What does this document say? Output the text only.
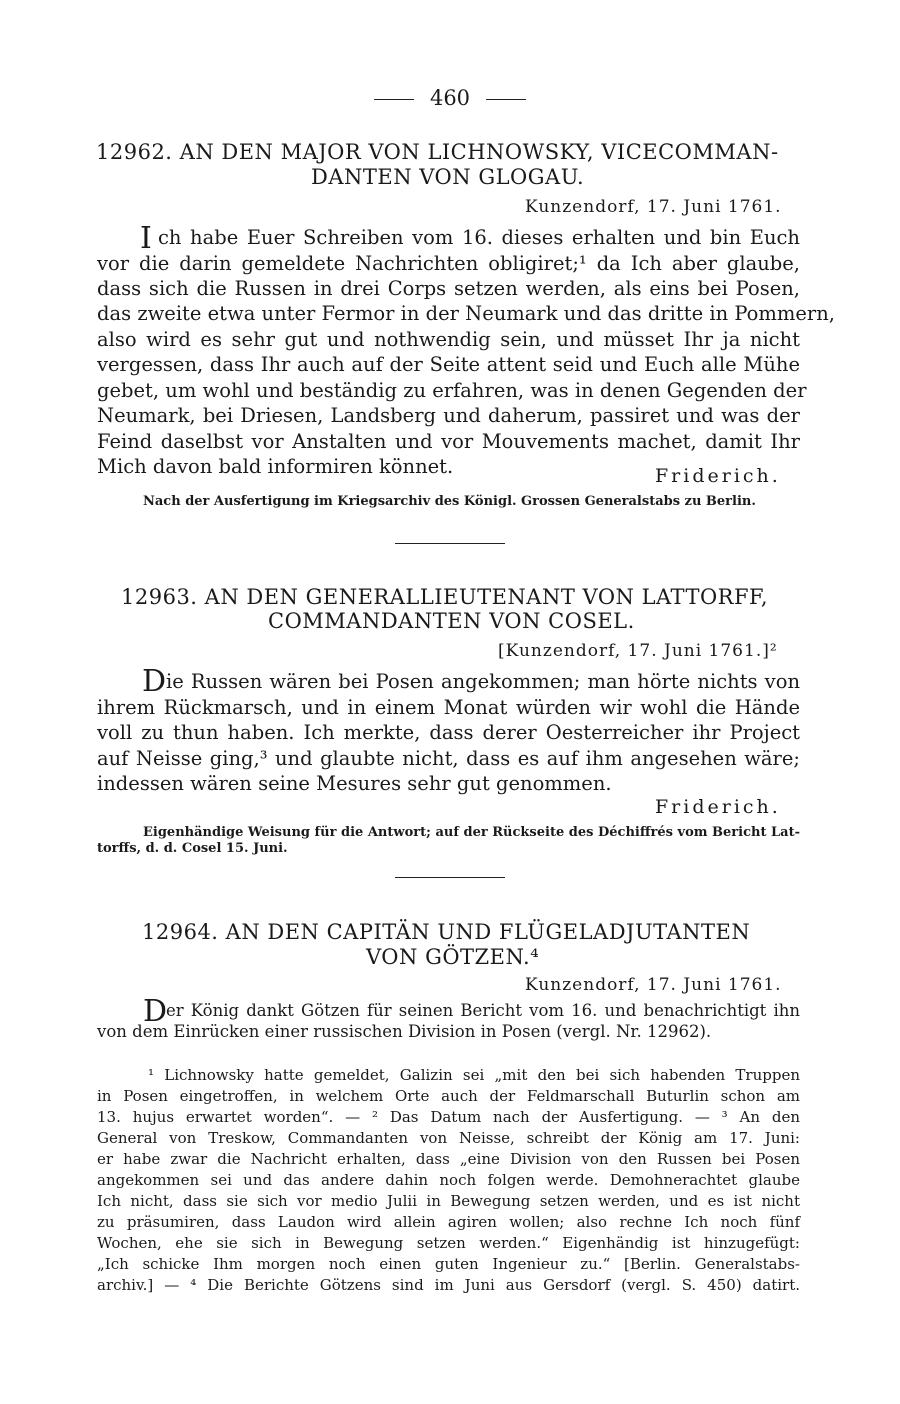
460
12962. AN DEN MAJOR VON LICHNOWSKY, VICECOMMAN-
DANTEN VON GLOGAU.
Kunzendorf, 17. Juni 1761.
I ch habe Euer Schreiben vom 16. dieses erhalten und bin Euch
vor die darin gemeldete Nachrichten obligiret;¹ da Ich aber glaube,
dass sich die Russen in drei Corps setzen werden, als eins bei Posen,
das zweite etwa unter Fermor in der Neumark und das dritte in Pommern,
also wird es sehr gut und nothwendig sein, und müsset Ihr ja nicht
vergessen, dass Ihr auch auf der Seite attent seid und Euch alle Mühe
gebet, um wohl und beständig zu erfahren, was in denen Gegenden der
Neumark, bei Driesen, Landsberg und daherum, passiret und was der
Feind daselbst vor Anstalten und vor Mouvements machet, damit Ihr
Mich davon bald informiren könnet.	Friderich.
Nach der Ausfertigung im Kriegsarchiv des Königl. Grossen Generalstabs zu Berlin.
12963. AN DEN GENERALLIEUTENANT VON LATTORFF,
COMMANDANTEN VON COSEL.
[Kunzendorf, 17. Juni 1761.]²
D ie Russen wären bei Posen angekommen; man hörte nichts von
ihrem Rückmarsch, und in einem Monat würden wir wohl die Hände
voll zu thun haben. Ich merkte, dass derer Oesterreicher ihr Project
auf Neisse ging,³ und glaubte nicht, dass es auf ihm angesehen wäre;
indessen wären seine Mesures sehr gut genommen.
Friderich.
Eigenhändige Weisung für die Antwort; auf der Rückseite des Déchiffrés vom Bericht Lat-
torffs, d. d. Cosel 15. Juni.
12964. AN DEN CAPITÄN UND FLÜGELADJUTANTEN
VON GÖTZEN.⁴
Kunzendorf, 17. Juni 1761.
D
er König dankt Götzen für seinen Bericht vom 16. und benachrichtigt ihn
von dem Einrücken einer russischen Division in Posen (vergl. Nr. 12962).
¹ Lichnowsky hatte gemeldet, Galizin sei „mit den bei sich habenden Truppen
in Posen eingetroffen, in welchem Orte auch der Feldmarschall Buturlin schon am
13. hujus erwartet worden“. — ² Das Datum nach der Ausfertigung. — ³ An den
General von Treskow, Commandanten von Neisse, schreibt der König am 17. Juni:
er habe zwar die Nachricht erhalten, dass „eine Division von den Russen bei Posen
angekommen sei und das andere dahin noch folgen werde. Demohnerachtet glaube
Ich nicht, dass sie sich vor medio Julii in Bewegung setzen werden, und es ist nicht
zu präsumiren, dass Laudon wird allein agiren wollen; also rechne Ich noch fünf
Wochen, ehe sie sich in Bewegung setzen werden.“ Eigenhändig ist hinzugefügt:
„Ich schicke Ihm morgen noch einen guten Ingenieur zu.“ [Berlin. Generalstabs-
archiv.] — ⁴ Die Berichte Götzens sind im Juni aus Gersdorf (vergl. S. 450) datirt.
